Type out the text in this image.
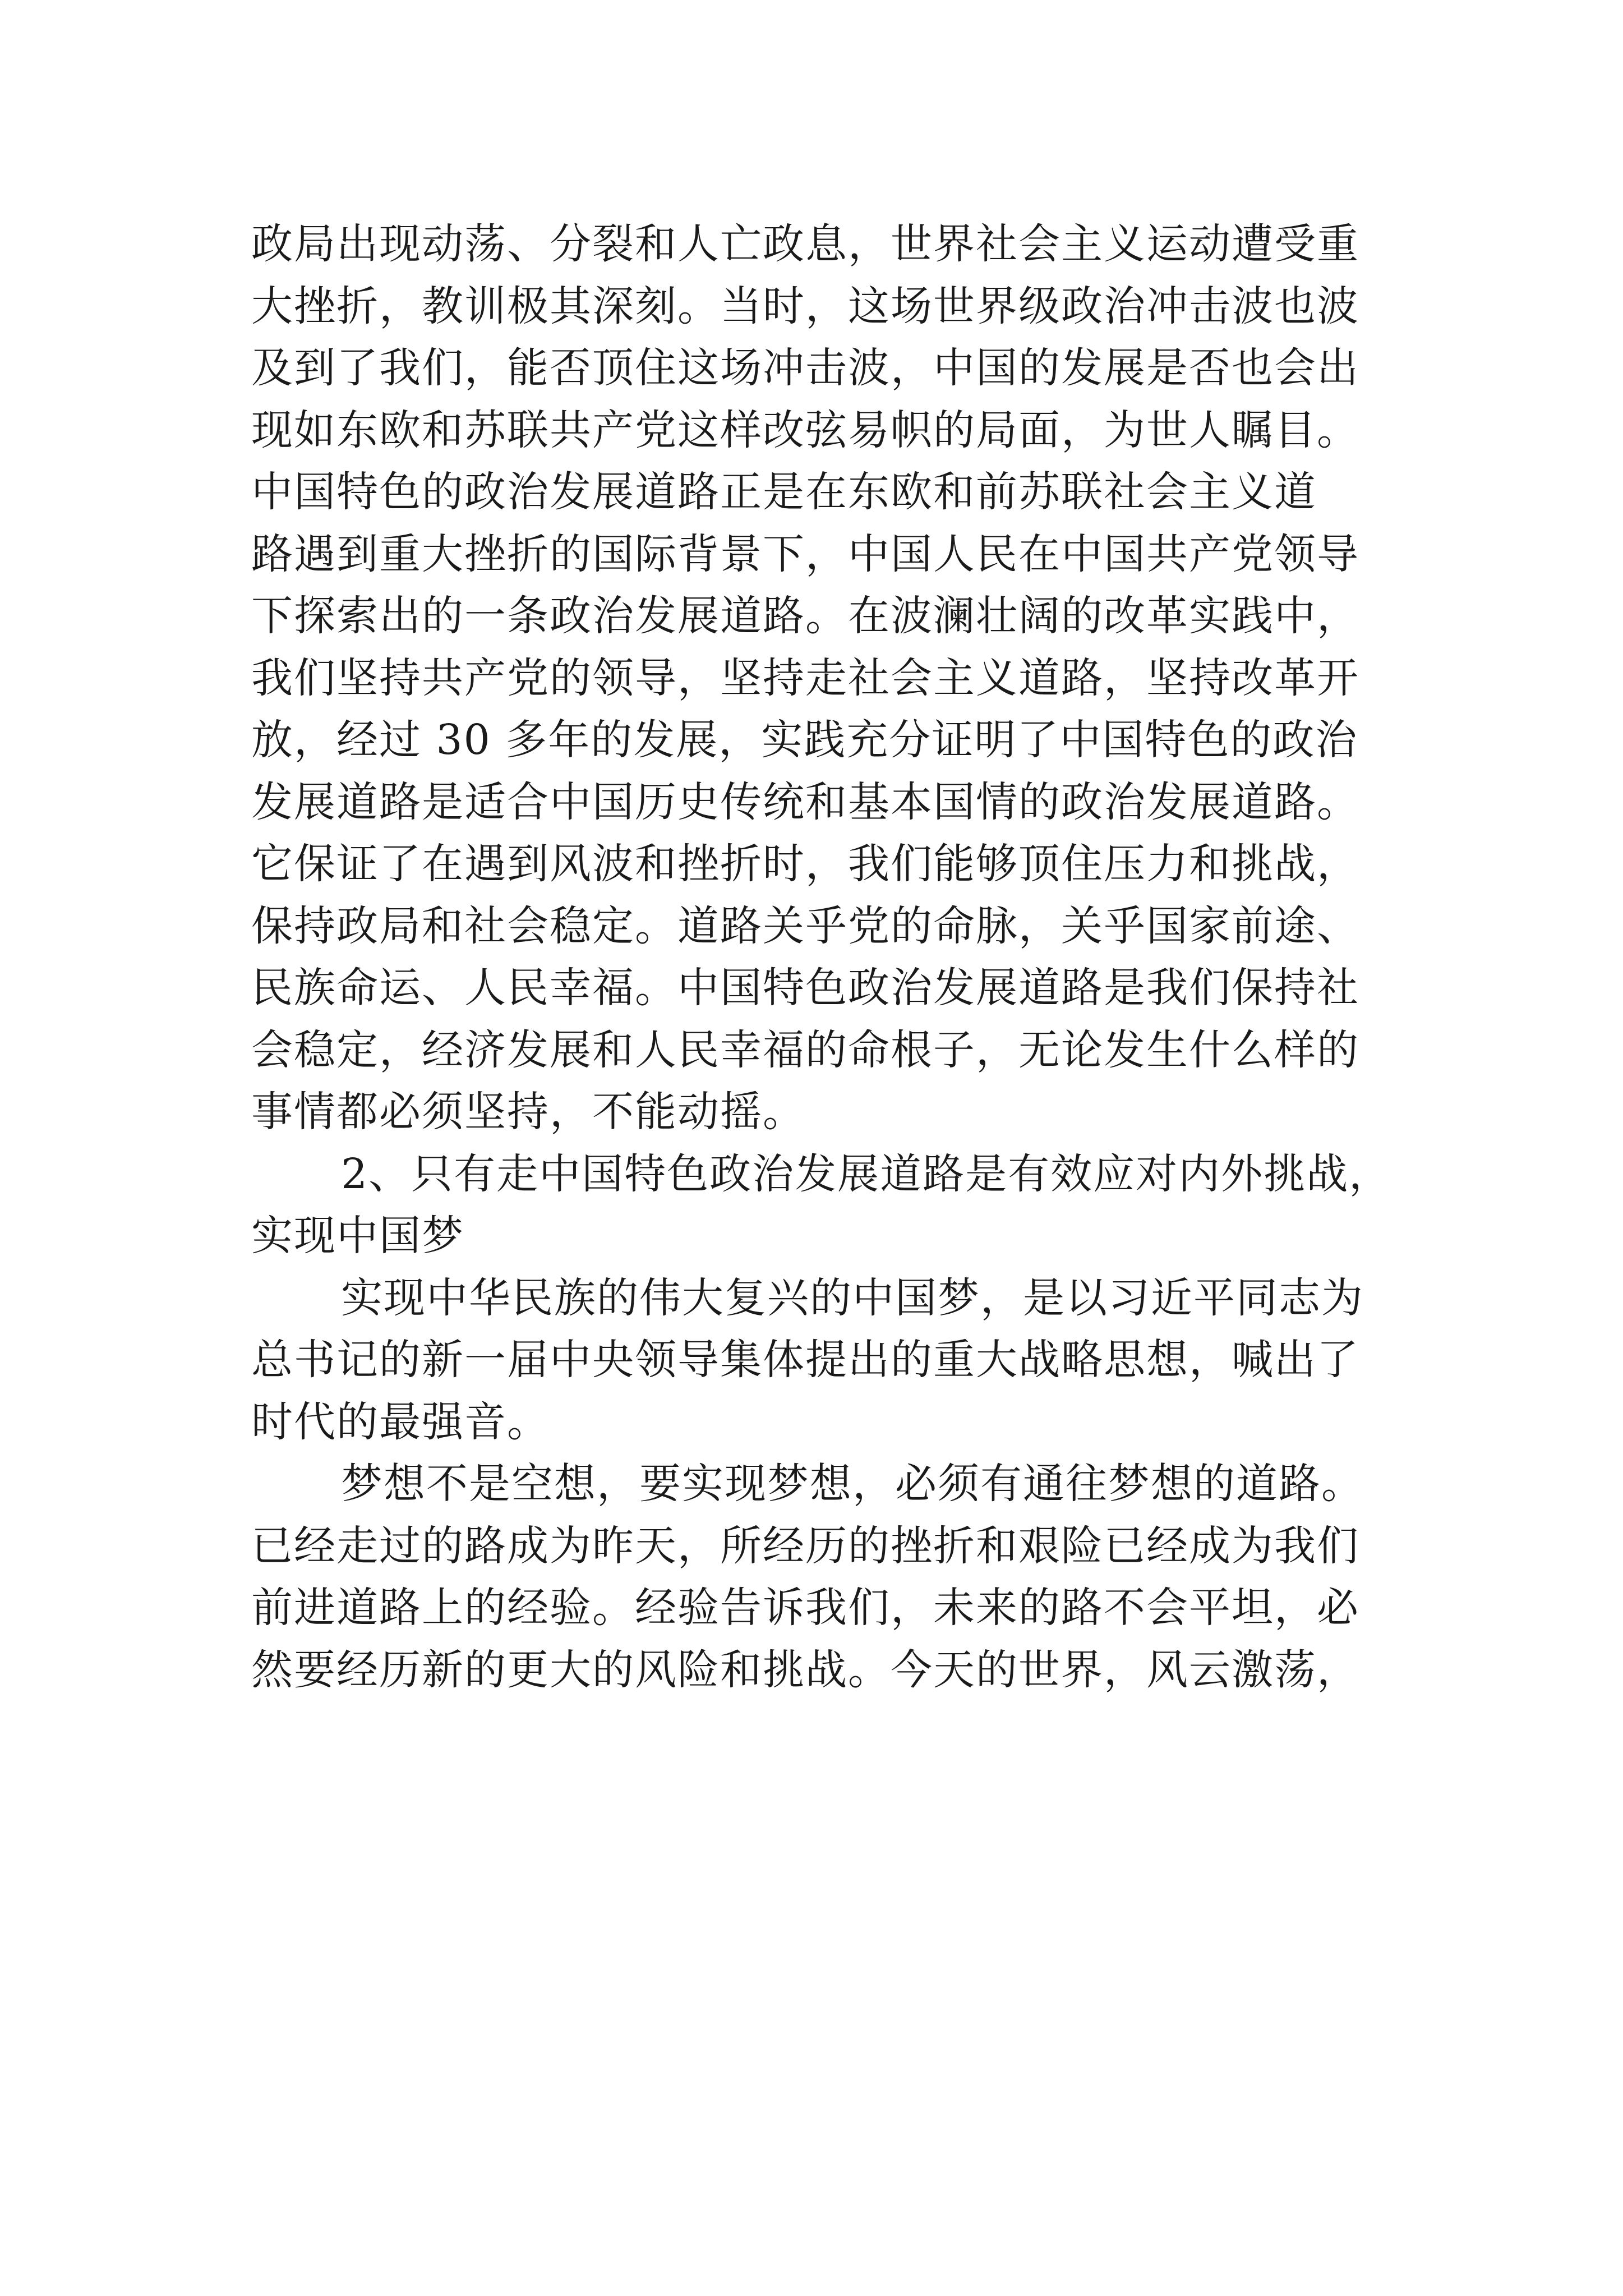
政局出现动荡、分裂和人亡政息，世界社会主义运动遭受重
大挫折，教训极其深刻。当时，这场世界级政治冲击波也波
及到了我们，能否顶住这场冲击波，中国的发展是否也会出
现如东欧和苏联共产党这样改弦易帜的局面，为世人瞩目。
中国特色的政治发展道路正是在东欧和前苏联社会主义道
路遇到重大挫折的国际背景下，中国人民在中国共产党领导
下探索出的一条政治发展道路。在波澜壮阔的改革实践中，
我们坚持共产党的领导，坚持走社会主义道路，坚持改革开
放，经过 30 多年的发展，实践充分证明了中国特色的政治
发展道路是适合中国历史传统和基本国情的政治发展道路。
它保证了在遇到风波和挫折时，我们能够顶住压力和挑战，
保持政局和社会稳定。道路关乎党的命脉，关乎国家前途、
民族命运、人民幸福。中国特色政治发展道路是我们保持社
会稳定，经济发展和人民幸福的命根子，无论发生什么样的
事情都必须坚持，不能动摇。
2、只有走中国特色政治发展道路是有效应对内外挑战，
实现中国梦
实现中华民族的伟大复兴的中国梦，是以习近平同志为
总书记的新一届中央领导集体提出的重大战略思想，喊出了
时代的最强音。
梦想不是空想，要实现梦想，必须有通往梦想的道路。
已经走过的路成为昨天，所经历的挫折和艰险已经成为我们
前进道路上的经验。经验告诉我们，未来的路不会平坦，必
然要经历新的更大的风险和挑战。今天的世界，风云激荡，
